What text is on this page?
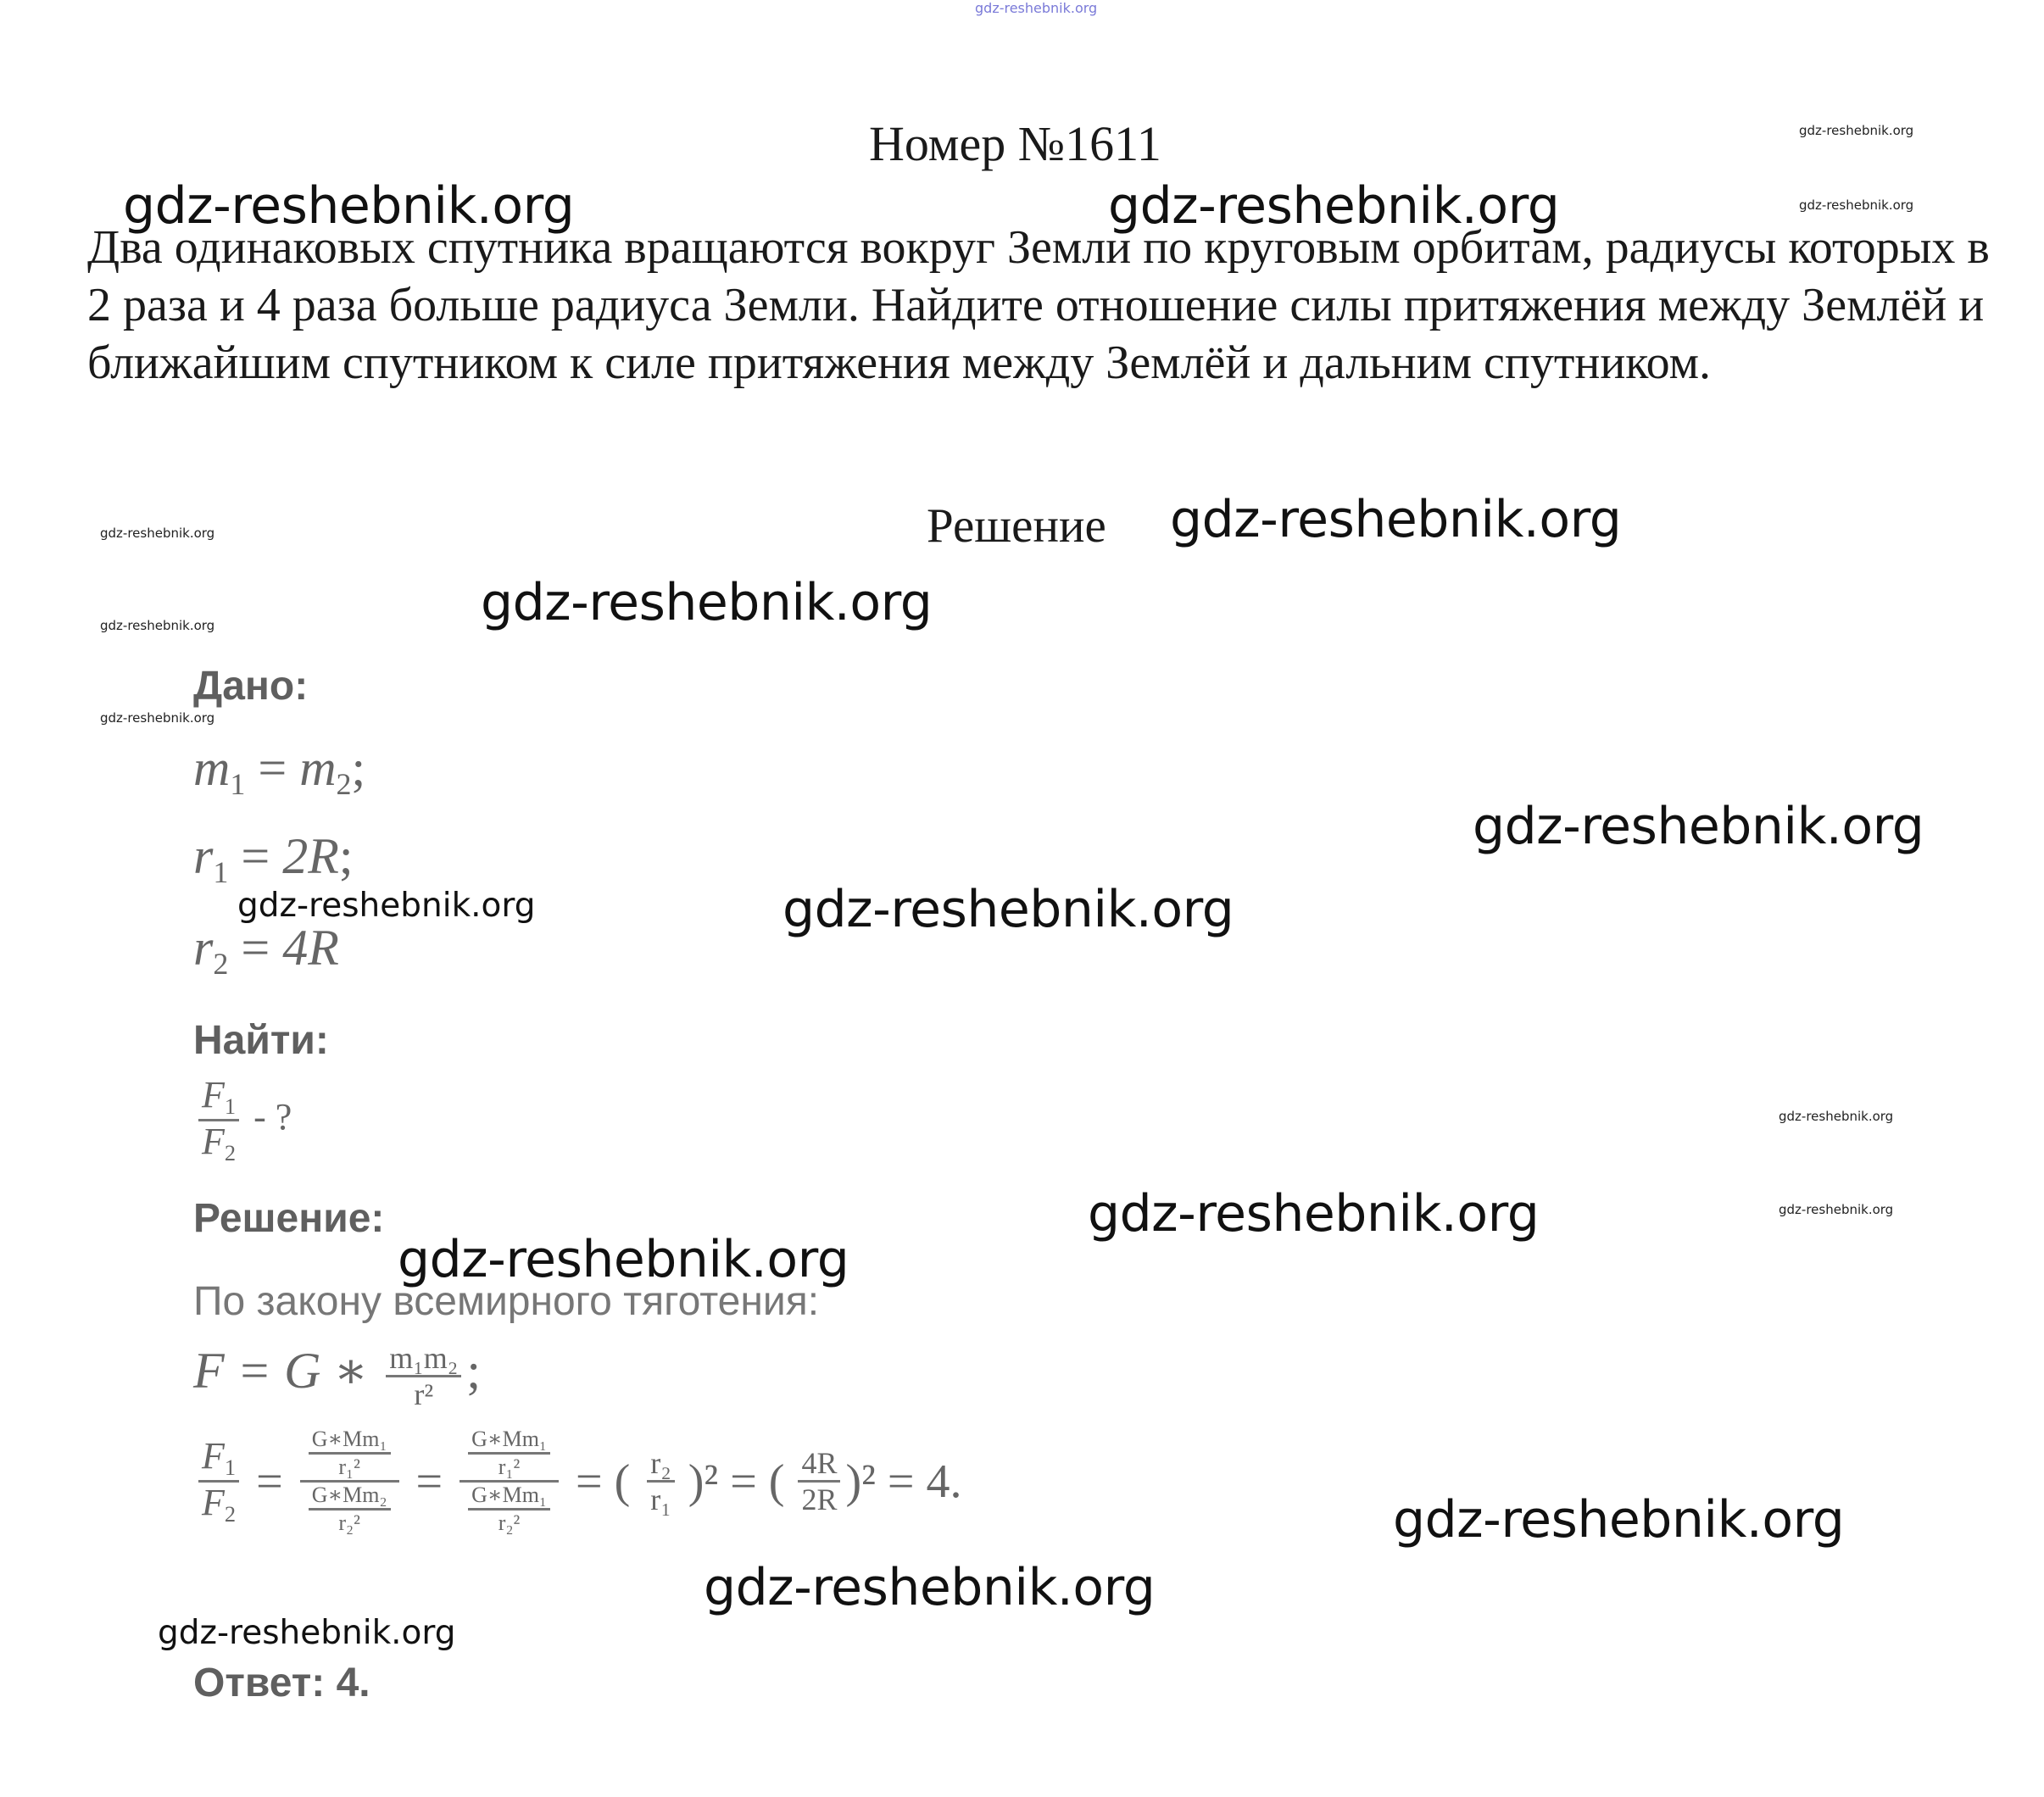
gdz-reshebnik.org
gdz-reshebnik.org
gdz-reshebnik.org
gdz-reshebnik.org
gdz-reshebnik.org
gdz-reshebnik.org
gdz-reshebnik.org
gdz-reshebnik.org
gdz-reshebnik.org	gdz-reshebnik.org
gdz-reshebnik.org
gdz-reshebnik.org
gdz-reshebnik.org
gdz-reshebnik.org
gdz-reshebnik.org
gdz-reshebnik.org
gdz-reshebnik.org
gdz-reshebnik.org
gdz-reshebnik.org
gdz-reshebnik.org
Номер №1611
Два одинаковых спутника вращаются вокруг Земли по круговым орбитам, радиусы которых в 2 раза и 4 раза больше радиуса Земли. Найдите отношение силы притяжения между Землёй и ближайшим спутником к силе притяжения между Землёй и дальним спутником.
Решение
Дано:
$m_1 = m_2$;
$r_1 = 2R$;
$r_2 = 4R$
Найти:
$\frac{F_1}{F_2}$ - ?
Решение:
По закону всемирного тяготения:
F = G ∗ $\frac{\text{m₁m₂}}{\text{r²}}$ ;
$\frac{F_1}{F_2} = \frac{\frac{\text{G∗Mm₁}}{\text{r₁²}}}{\frac{\text{G∗Mm₂}}{\text{r₂²}}} = \frac{\frac{\text{G∗Mm₁}}{\text{r₁²}}}{\frac{\text{G∗Mm₁}}{\text{r₂²}}}$ = ( $\frac{\text{r₂}}{\text{r₁}} )^2$ = ( $\frac{4R}{2R} )^2 = 4$.
Ответ: 4.
